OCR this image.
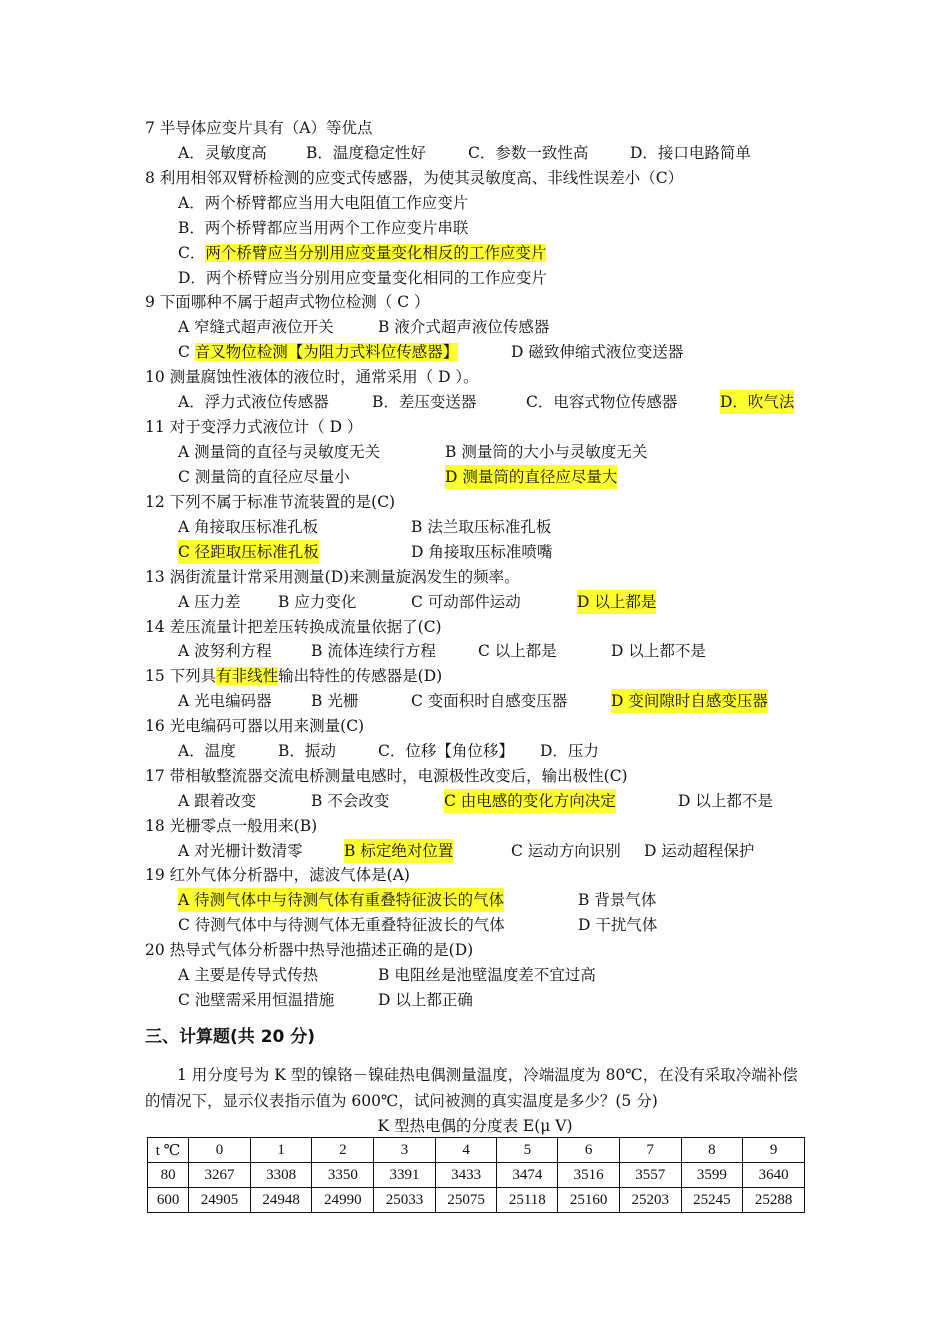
7 半导体应变片具有（A）等优点
A．灵敏度高	B．温度稳定性好	C．参数一致性高	D．接口电路简单
8 利用相邻双臂桥检测的应变式传感器，为使其灵敏度高、非线性误差小（C）
A．两个桥臂都应当用大电阻值工作应变片
B．两个桥臂都应当用两个工作应变片串联
C．两个桥臂应当分别用应变量变化相反的工作应变片
D．两个桥臂应当分别用应变量变化相同的工作应变片
9 下面哪种不属于超声式物位检测（ C ）
A 窄缝式超声液位开关	B 液介式超声液位传感器
C 音叉物位检测【为阻力式料位传感器】	D 磁致伸缩式液位变送器
10 测量腐蚀性液体的液位时，通常采用（ D ）。
A．浮力式液位传感器	B．差压变送器	C．电容式物位传感器	D．吹气法
11 对于变浮力式液位计（ D ）
A 测量筒的直径与灵敏度无关	B 测量筒的大小与灵敏度无关
C 测量筒的直径应尽量小	D 测量筒的直径应尽量大
12 下列不属于标准节流装置的是(C)
A 角接取压标准孔板	B 法兰取压标准孔板
C 径距取压标准孔板	D 角接取压标准喷嘴
13 涡街流量计常采用测量(D)来测量旋涡发生的频率。
A 压力差 B 应力变化	C 可动部件运动	D 以上都是
14 差压流量计把差压转换成流量依据了(C)
A 波努利方程	B 流体连续行方程	C 以上都是	D 以上都不是
15 下列具有非线性输出特性的传感器是(D)
A 光电编码器	B 光栅	C 变面积时自感变压器	D 变间隙时自感变压器
16 光电编码可器以用来测量(C)
A．温度	B．振动	C．位移【角位移】 D．压力
17 带相敏整流器交流电桥测量电感时，电源极性改变后，输出极性(C)
A 跟着改变	B 不会改变	C 由电感的变化方向决定	D 以上都不是
18 光栅零点一般用来(B)
A 对光栅计数清零	B 标定绝对位置	C 运动方向识别 D 运动超程保护
19 红外气体分析器中，滤波气体是(A)
A 待测气体中与待测气体有重叠特征波长的气体	B 背景气体
C 待测气体中与待测气体无重叠特征波长的气体	D 干扰气体
20 热导式气体分析器中热导池描述正确的是(D)
A 主要是传导式传热	B 电阻丝是池壁温度差不宜过高
C 池壁需采用恒温措施	D 以上都正确
三、计算题(共 20 分)
1 用分度号为 K 型的镍铬－镍硅热电偶测量温度，冷端温度为 80℃，在没有采取冷端补偿的情况下，显示仪表指示值为 600℃，试问被测的真实温度是多少？(5 分)
K 型热电偶的分度表 E(μ V)
t ℃	0	1	2	3	4	5	6	7	8	9
80	3267	3308	3350	3391	3433	3474	3516	3557	3599	3640
600	24905	24948	24990	25033	25075	25118	25160	25203	25245	25288
